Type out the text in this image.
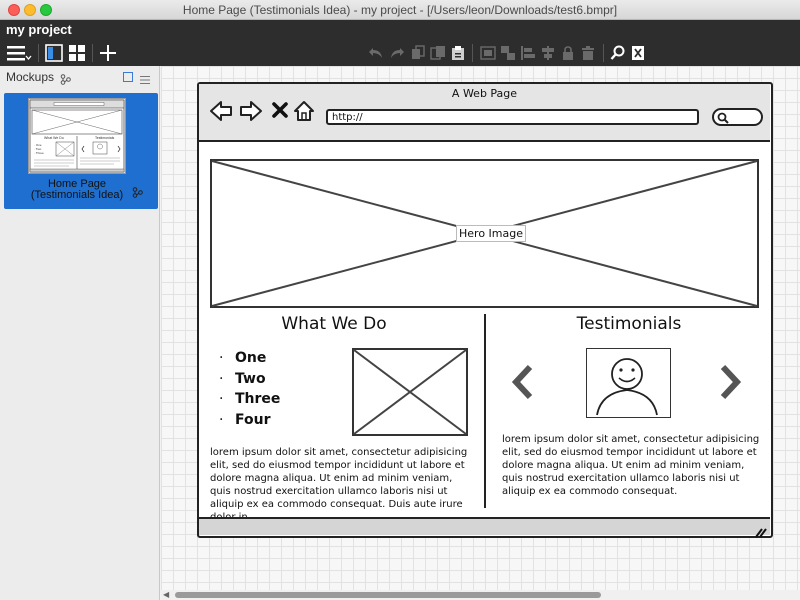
Home Page (Testimonials Idea) - my project - [/Users/leon/Downloads/test6.bmpr]
my project
Mockups
What We Do	Testimonials
· One
· Two
· Three
Home Page
(Testimonials Idea)
A Web Page
http://
Hero Image
What We Do
· One
· Two
· Three
· Four
lorem ipsum dolor sit amet, consectetur adipisicing elit, sed do eiusmod tempor incididunt ut labore et dolore magna aliqua. Ut enim ad minim veniam, quis nostrud exercitation ullamco laboris nisi ut aliquip ex ea commodo consequat. Duis aute irure
Testimonials
lorem ipsum dolor sit amet, consectetur adipisicing elit, sed do eiusmod tempor incididunt ut labore et dolore magna aliqua. Ut enim ad minim veniam, quis nostrud exercitation ullamco laboris nisi ut aliquip ex ea commodo consequat.
◀
